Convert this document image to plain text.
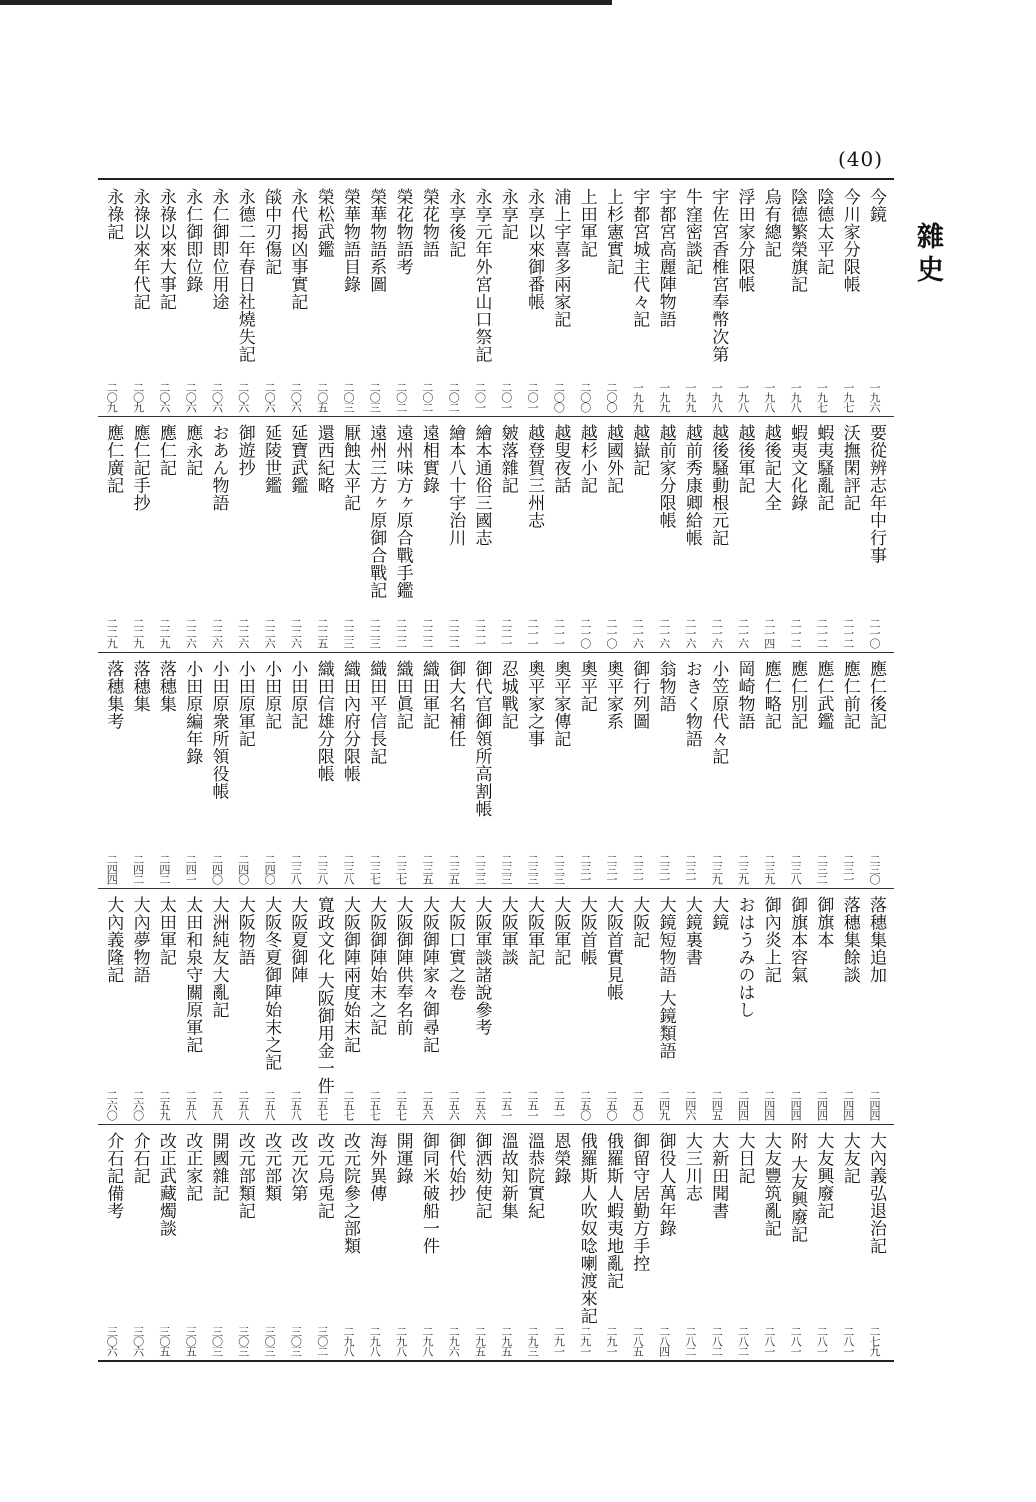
(40)
雜史
今鏡
一九六
今川家分限帳
一九七
陰德太平記
一九七
陰德繁榮旗記
一九八
烏有總記
一九八
浮田家分限帳
一九八
宇佐宮香椎宮奉幣次第
一九八
牛窪密談記
一九九
宇都宮高麗陣物語
一九九
宇都宮城主代々記
一九九
上杉憲實記
二〇〇
上田軍記
二〇〇
浦上宇喜多兩家記
二〇〇
永享以來御番帳
二〇一
永享記
二〇一
永享元年外宮山口祭記
二〇一
永享後記
二〇二
榮花物語
二〇二
榮花物語考
二〇二
榮華物語系圖
二〇三
榮華物語目錄
二〇三
榮松武鑑
二〇五
永代揭凶事實記
二〇六
燄中刃傷記
二〇六
永德二年春日社燒失記
二〇六
永仁御即位用途
二〇六
永仁御即位錄
二〇六
永祿以來大事記
二〇六
永祿以來年代記
二〇九
永祿記
二〇九
要從辨志年中行事
二一〇
沃撫閑評記
二一二
蝦夷騷亂記
二一二
蝦夷文化錄
二一二
越後記大全
二一四
越後軍記
二一六
越後騷動根元記
二一六
越前秀康卿給帳
二一六
越前家分限帳
二一六
越嶽記
二一六
越國外記
二一〇
越杉小記
二一〇
越叟夜話
二一一
越登賀三州志
二一一
皴落雜記
二二一
繪本通俗三國志
二二一
繪本八十宇治川
二二二
遠相實錄
二二二
遠州味方ヶ原合戰手鑑
二二二
遠州三方ヶ原御合戰記
二二三
厭蝕太平記
二二三
還西紀略
二二五
延寶武鑑
二二六
延陵世鑑
二二六
御遊抄
二二六
おあん物語
二二六
應永記
二二六
應仁記
二二九
應仁記手抄
二二九
應仁廣記
二二九
應仁後記
二三〇
應仁前記
二三一
應仁武鑑
二三二
應仁別記
二三八
應仁略記
二三九
岡崎物語
二三九
小笠原代々記
二三九
おきく物語
二三一
翁物語
二三一
御行列圖
二三一
奧平家系
二三一
奧平記
二三一
奧平家傳記
二三三
奧平家之事
二三三
忍城戰記
二三三
御代官御領所高割帳
二三三
御大名補任
二三五
織田軍記
二三五
織田眞記
二三七
織田平信長記
二三七
織田內府分限帳
二三八
織田信雄分限帳
二三八
小田原記
二三八
小田原記
二四〇
小田原軍記
二四〇
小田原衆所領役帳
二四〇
小田原編年錄
二四一
落穗集
二四二
落穗集
二四二
落穗集考
二四四
落穗集追加
二四四
落穗集餘談
二四四
御旗本
二四四
御旗本容氣
二四四
御內炎上記
二四四
おはうみのはし
二四四
大鏡
二四五
大鏡裏書
二四六
大鏡短物語 大鏡類語
二四九
大阪記
二五〇
大阪首實見帳
二五〇
大阪首帳
二五〇
大阪軍記
二五一
大阪軍記
二五一
大阪軍談
二五一
大阪軍談諸說參考
二五六
大阪口實之卷
二五六
大阪御陣家々御尋記
二五六
大阪御陣供奉名前
二五七
大阪御陣始末之記
二五七
大阪御陣兩度始末記
二五七
寬政文化 大阪御用金一件
二五七
大阪夏御陣
二五八
大阪冬夏御陣始末之記
二五八
大阪物語
二五八
大洲純友大亂記
二五八
太田和泉守關原軍記
二五八
太田軍記
二五九
大內夢物語
二六〇
大內義隆記
二六〇
大內義弘退治記
二七九
大友記
二八一
大友興廢記
二八一
附 大友興廢記
二八一
大友豐筑亂記
二八一
大日記
二八二
大新田聞書
二八二
大三川志
二八二
御役人萬年錄
二八四
御留守居勤方手控
二八五
俄羅斯人蝦夷地亂記
二九一
俄羅斯人吹奴唸喇渡來記
二九一
恩榮錄
二九一
溫恭院實紀
二九三
溫故知新集
二九五
御洒劾使記
二九五
御代始抄
二九六
御同米破船一件
二九八
開運錄
二九八
海外異傳
二九八
改元院參之部類
二九八
改元烏兎記
三〇二
改元次第
三〇三
改元部類
三〇三
改元部類記
三〇三
開國雜記
三〇三
改正家記
三〇五
改正武藏燭談
三〇五
介石記
三〇六
介石記備考
三〇六
